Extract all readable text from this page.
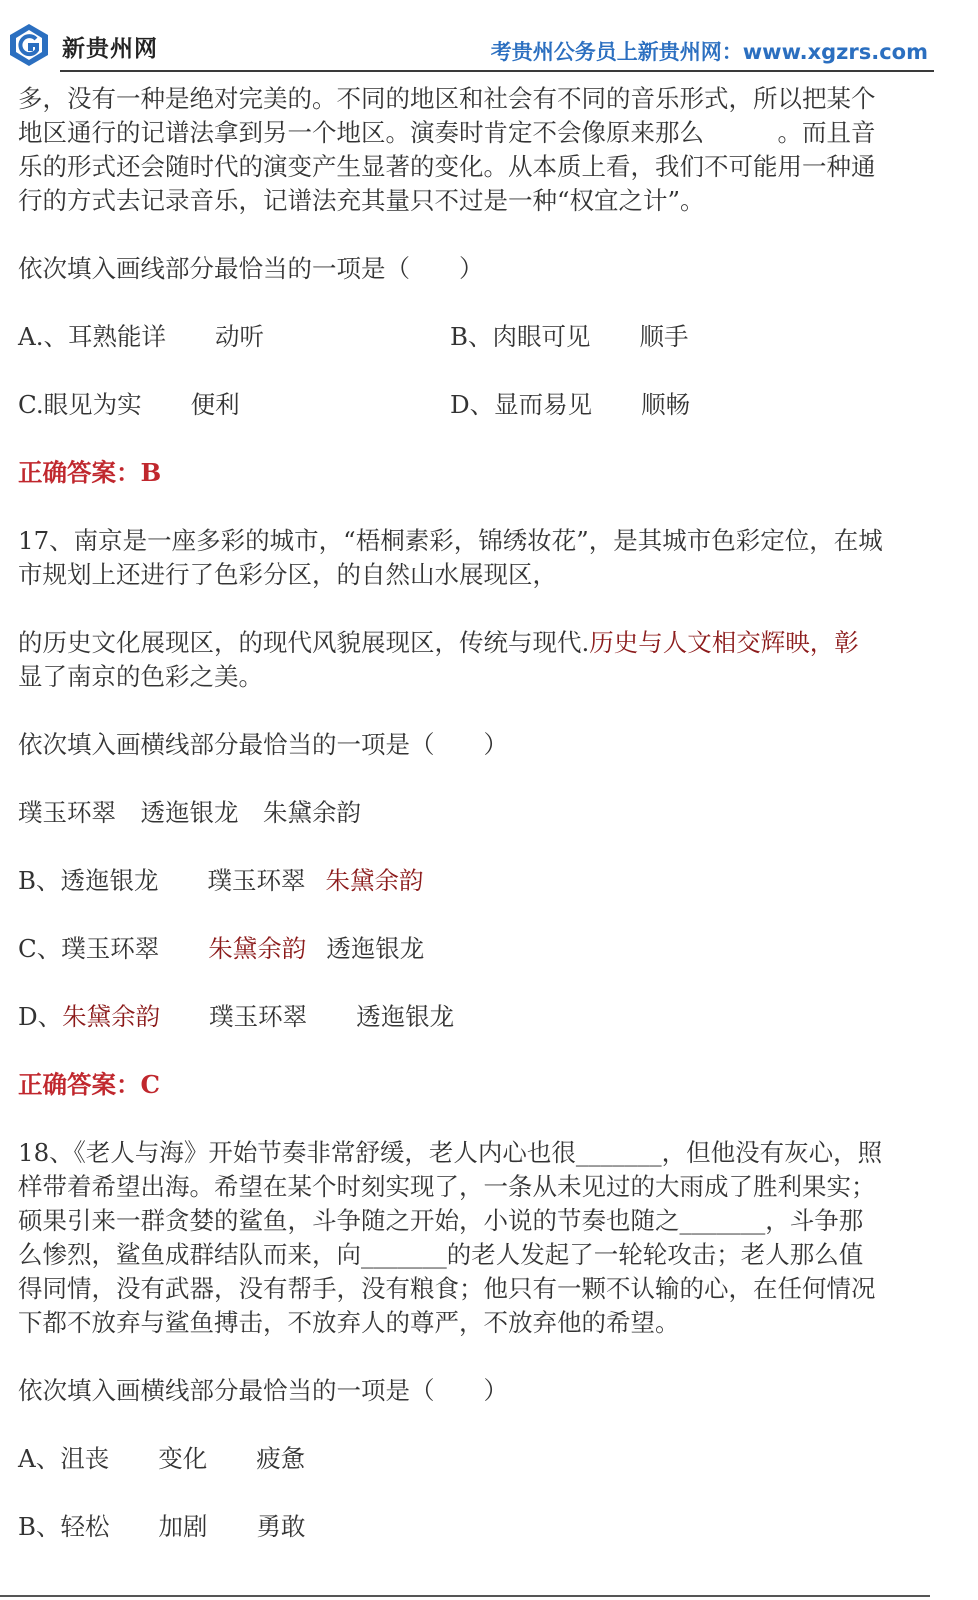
新贵州网	考贵州公务员上新贵州网：www.xgzrs.com

多，没有一种是绝对完美的。不同的地区和社会有不同的音乐形式，所以把某个

地区通行的记谱法拿到另一个地区。演奏时肯定不会像原来那么　　　。而且音

乐的形式还会随时代的演变产生显著的变化。从本质上看，我们不可能用一种通

行的方式去记录音乐，记谱法充其量只不过是一种“权宜之计”。

依次填入画线部分最恰当的一项是（　　）

A.、耳熟能详　　动听	B、肉眼可见　　顺手
C.眼见为实　　便利	D、显而易见　　顺畅

正确答案：B

17、南京是一座多彩的城市，“梧桐素彩，锦绣妆花”，是其城市色彩定位，在城

市规划上还进行了色彩分区，的自然山水展现区，

的历史文化展现区，的现代风貌展现区，传统与现代.历史与人文相交辉映，彰

显了南京的色彩之美。

依次填入画横线部分最恰当的一项是（　　）

璞玉环翠　透迤银龙　朱黛余韵

B、透迤银龙　　璞玉环翠 朱黛余韵

C、璞玉环翠　　朱黛余韵 透迤银龙

D、朱黛余韵　　璞玉环翠　　透迤银龙

正确答案：C

18、《老人与海》开始节奏非常舒缓，老人内心也很_______，但他没有灰心，照

样带着希望出海。希望在某个时刻实现了，一条从未见过的大雨成了胜利果实；

硕果引来一群贪婪的鲨鱼，斗争随之开始，小说的节奏也随之_______，斗争那

么惨烈，鲨鱼成群结队而来，向_______的老人发起了一轮轮攻击；老人那么值

得同情，没有武器，没有帮手，没有粮食；他只有一颗不认输的心，在任何情况

下都不放弃与鲨鱼搏击，不放弃人的尊严，不放弃他的希望。

依次填入画横线部分最恰当的一项是（　　）

A、沮丧　　变化　　疲惫

B、轻松　　加剧　　勇敢
